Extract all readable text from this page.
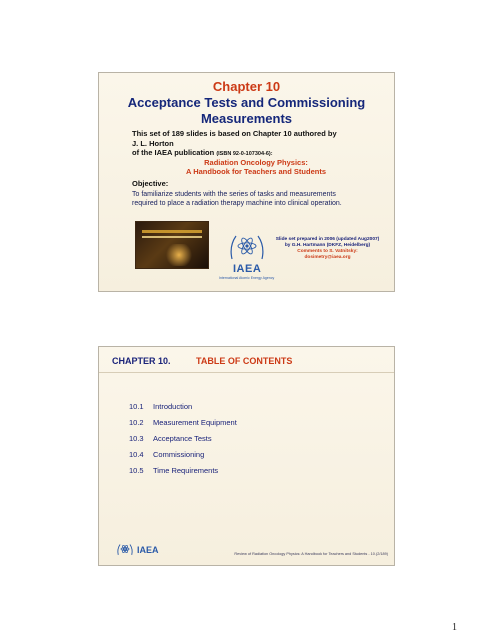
Chapter 10
Acceptance Tests and Commissioning
Measurements
This set of 189 slides is based on Chapter 10 authored by
J. L. Horton
of the IAEA publication (ISBN 92-0-107304-6):
Radiation Oncology Physics:
A Handbook for Teachers and Students
Objective:
To familiarize students with the series of tasks and measurements
required to place a radiation therapy machine into clinical operation.
IAEA
International Atomic Energy Agency
Slide set prepared in 2006 (updated Aug2007)
by G.H. Hartmann (DKFZ, Heidelberg)
Comments to S. Vatnitsky:
dosimetry@iaea.org
CHAPTER 10.	TABLE OF CONTENTS
10.1	Introduction
10.2	Measurement Equipment
10.3	Acceptance Tests
10.4	Commissioning
10.5	Time Requirements
IAEA	Review of Radiation Oncology Physics: A Handbook for Teachers and Students - 10.(2/189)
1
